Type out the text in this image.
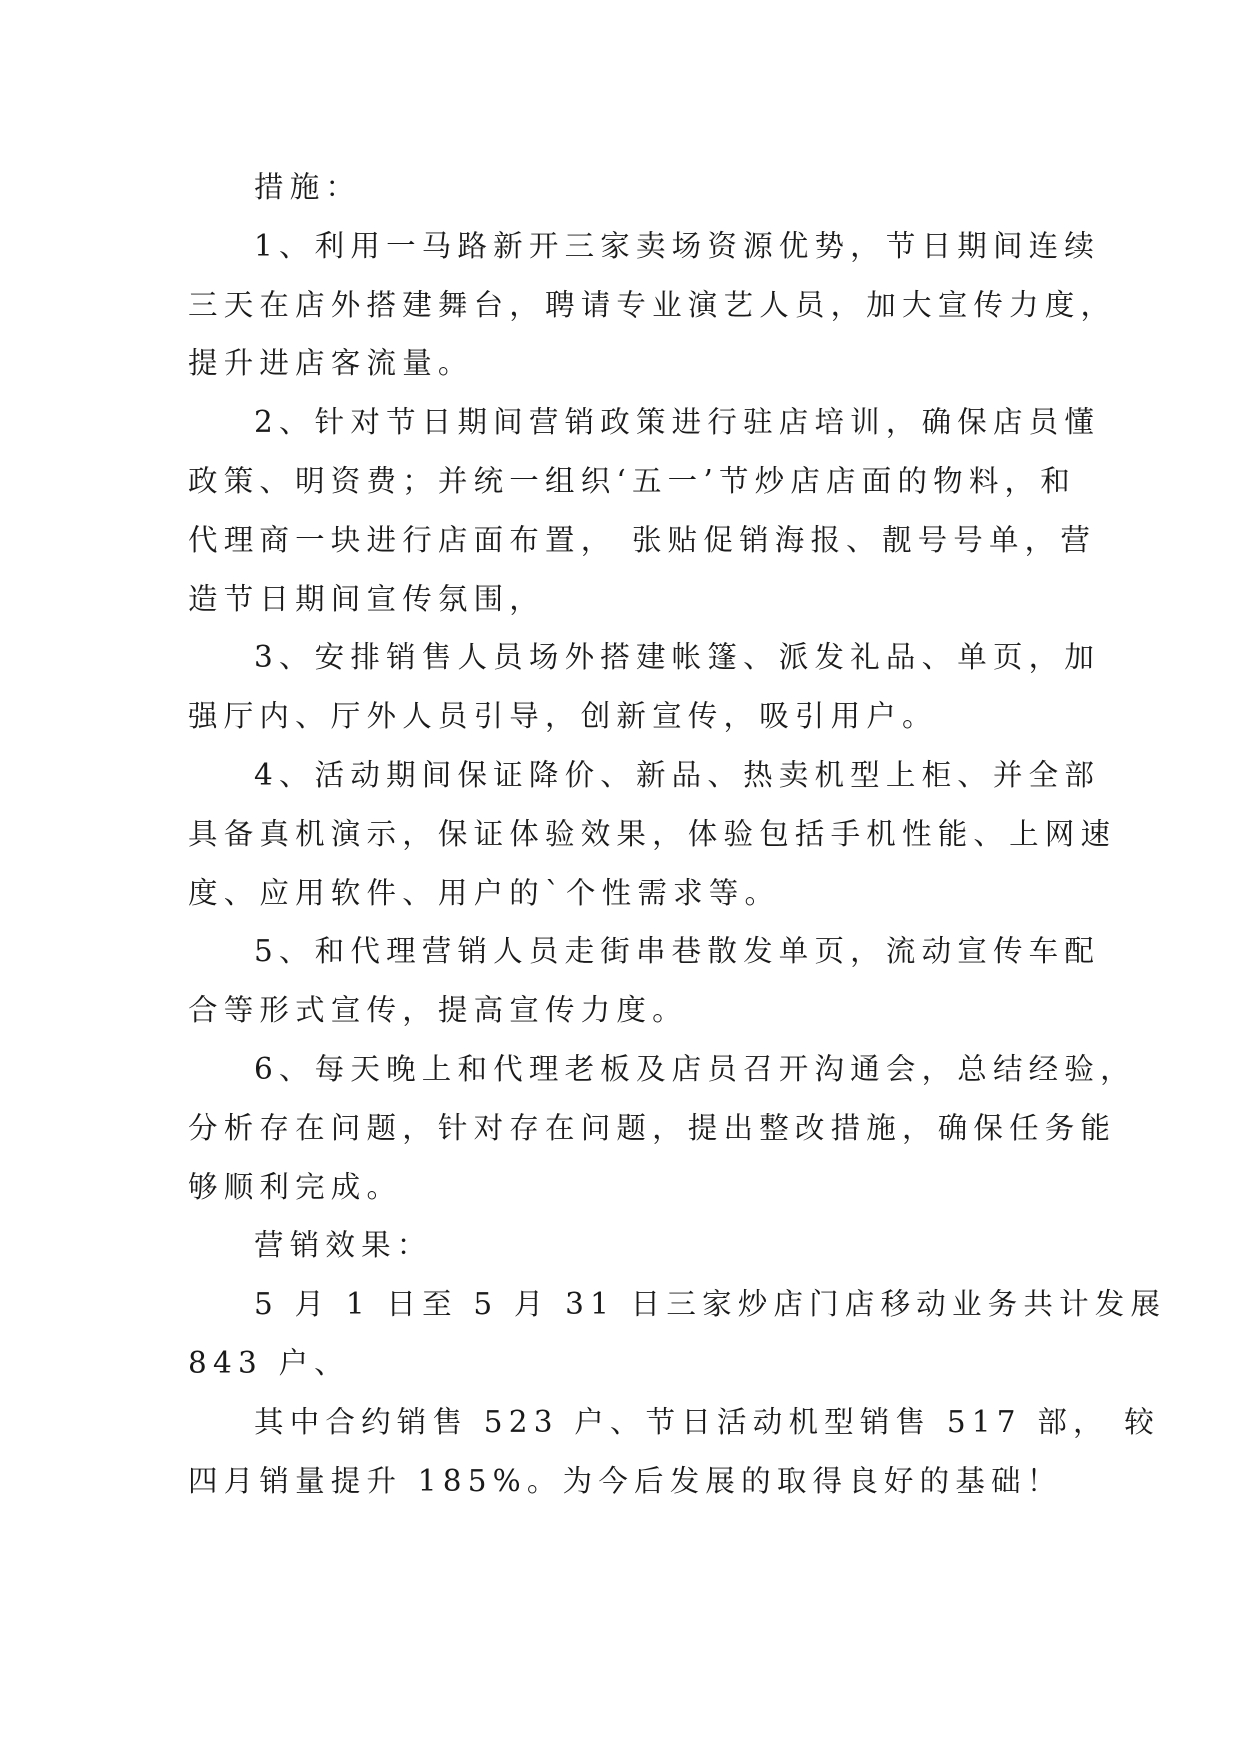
措施：

1、利用一马路新开三家卖场资源优势，节日期间连续
三天在店外搭建舞台，聘请专业演艺人员，加大宣传力度，
提升进店客流量。

2、针对节日期间营销政策进行驻店培训，确保店员懂
政策、明资费；并统一组织‘五一’节炒店店面的物料，和
代理商一块进行店面布置， 张贴促销海报、靓号号单，营
造节日期间宣传氛围，

3、安排销售人员场外搭建帐篷、派发礼品、单页，加
强厅内、厅外人员引导，创新宣传，吸引用户。

4、活动期间保证降价、新品、热卖机型上柜、并全部
具备真机演示，保证体验效果，体验包括手机性能、上网速
度、应用软件、用户的`个性需求等。

5、和代理营销人员走街串巷散发单页，流动宣传车配
合等形式宣传，提高宣传力度。

6、每天晚上和代理老板及店员召开沟通会，总结经验，
分析存在问题，针对存在问题，提出整改措施，确保任务能
够顺利完成。

营销效果：

5 月 1 日至 5 月 31 日三家炒店门店移动业务共计发展
843 户、

其中合约销售 523 户、节日活动机型销售 517 部， 较
四月销量提升 185%。为今后发展的取得良好的基础！
